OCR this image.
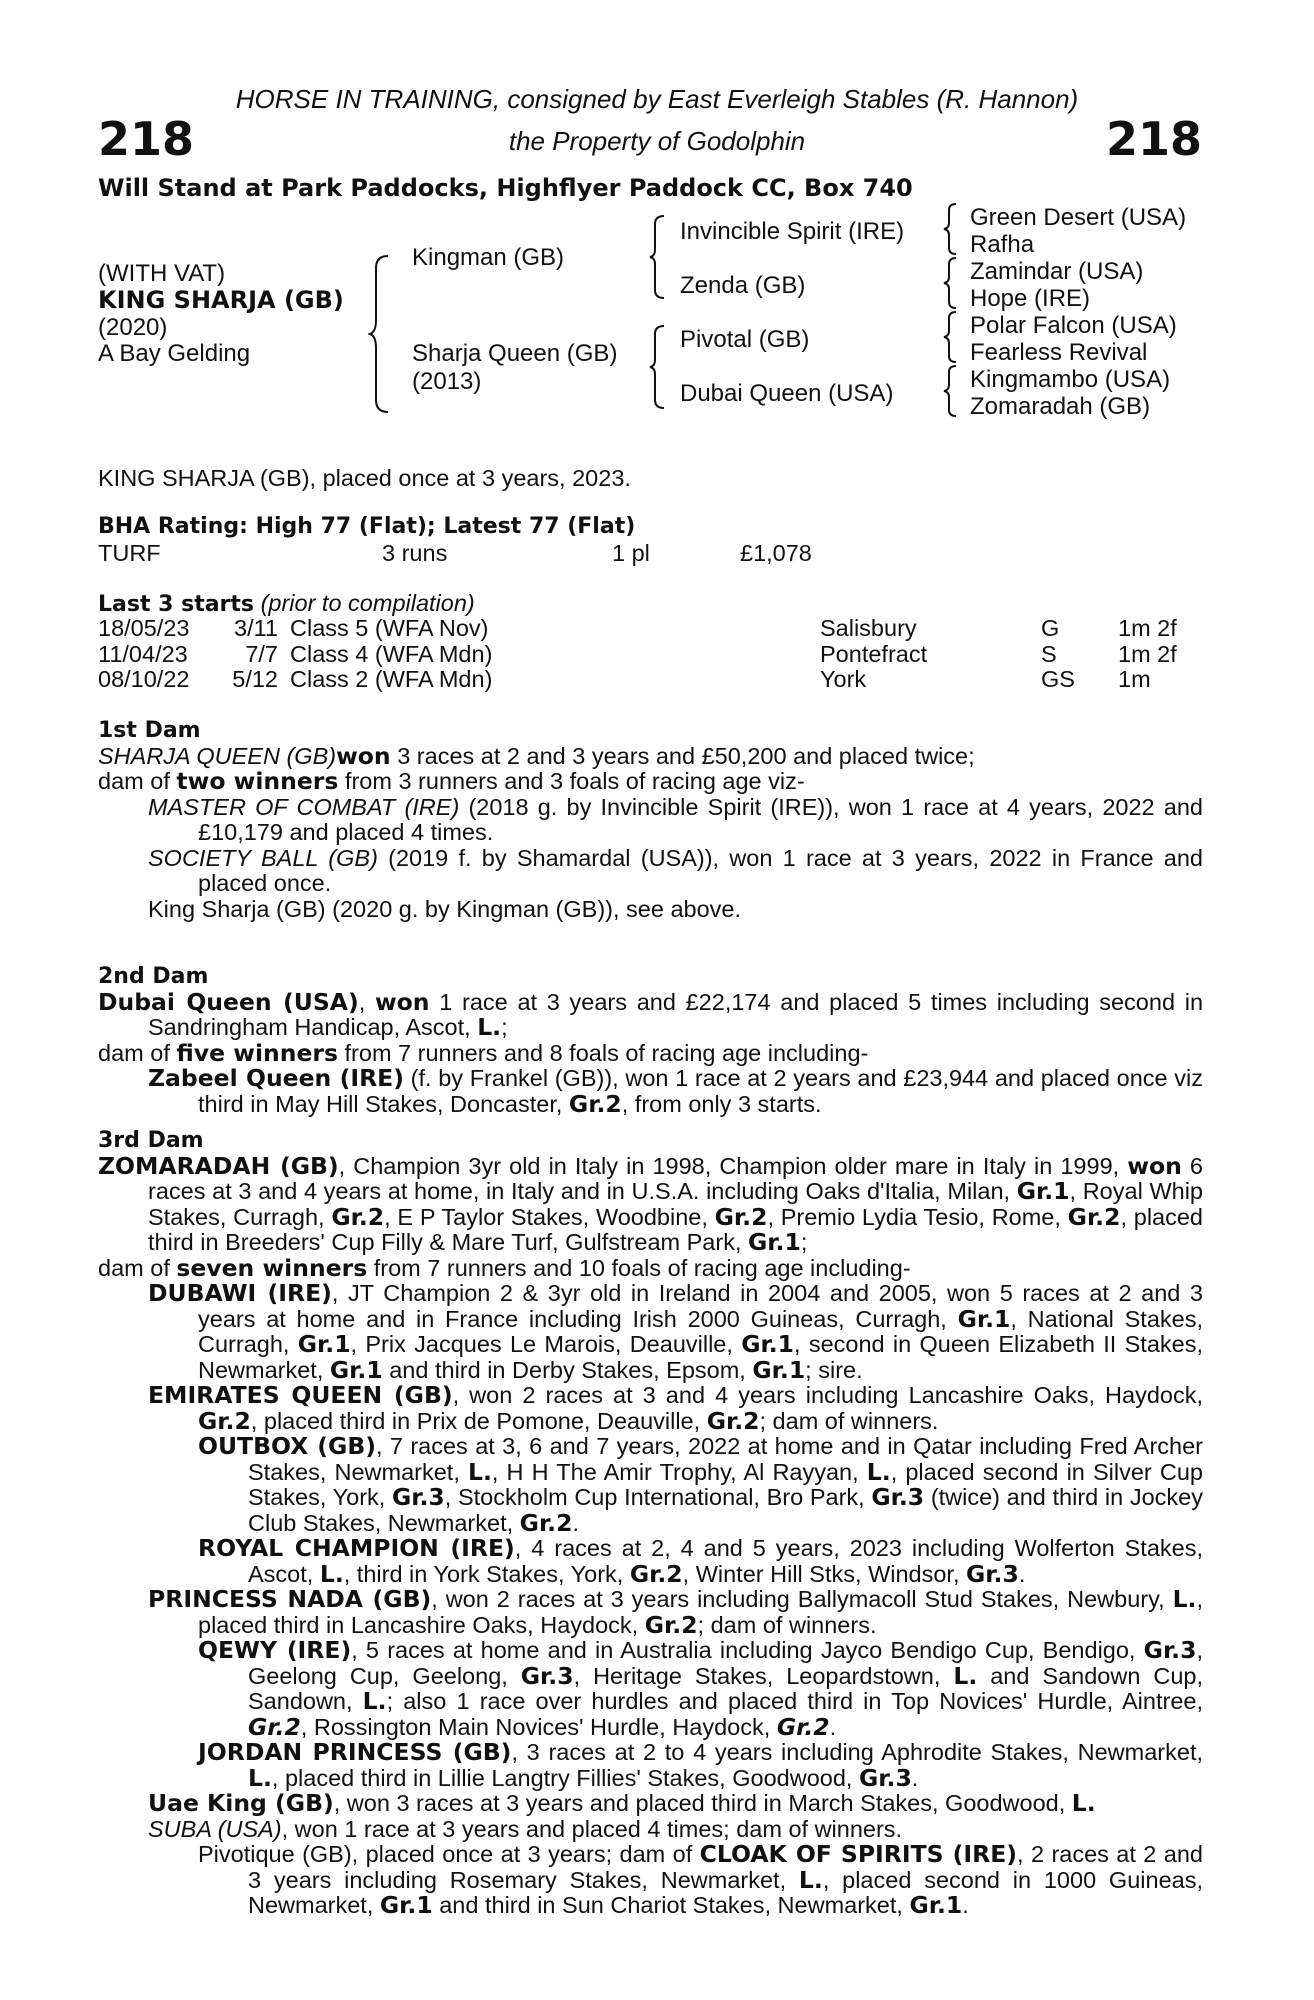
218	218
HORSE IN TRAINING, consigned by East Everleigh Stables (R. Hannon)
the Property of Godolphin
Will Stand at Park Paddocks, Highflyer Paddock CC, Box 740
(WITH VAT)
KING SHARJA (GB)
(2020)
A Bay Gelding
Kingman (GB)
Sharja Queen (GB)
(2013)
Invincible Spirit (IRE)
Zenda (GB)
Pivotal (GB)
Dubai Queen (USA)
Green Desert (USA)
Rafha
Zamindar (USA)
Hope (IRE)
Polar Falcon (USA)
Fearless Revival
Kingmambo (USA)
Zomaradah (GB)
KING SHARJA (GB), placed once at 3 years, 2023.
BHA Rating: High 77 (Flat); Latest 77 (Flat)
TURF	3 runs	1 pl	£1,078
Last 3 starts (prior to compilation)
18/05/23	3/11 Class 5 (WFA Nov)	Salisbury	G 1m 2f
11/04/23	7/7 Class 4 (WFA Mdn)	Pontefract	S	1m 2f
08/10/22	5/12 Class 2 (WFA Mdn)	York	GS 1m

1st Dam

SHARJA QUEEN (GB)won 3 races at 2 and 3 years and £50,200 and placed twice;

dam of two winners from 3 runners and 3 foals of racing age viz-

MASTER OF COMBAT (IRE) (2018 g. by Invincible Spirit (IRE)), won 1 race at 4 years, 2022 and £10,179 and placed 4 times.

SOCIETY BALL (GB) (2019 f. by Shamardal (USA)), won 1 race at 3 years, 2022 in France and placed once.

King Sharja (GB) (2020 g. by Kingman (GB)), see above.

2nd Dam

Dubai Queen (USA), won 1 race at 3 years and £22,174 and placed 5 times including second in Sandringham Handicap, Ascot, L.;

dam of five winners from 7 runners and 8 foals of racing age including-

Zabeel Queen (IRE) (f. by Frankel (GB)), won 1 race at 2 years and £23,944 and placed once viz third in May Hill Stakes, Doncaster, Gr.2, from only 3 starts.

3rd Dam

ZOMARADAH (GB), Champion 3yr old in Italy in 1998, Champion older mare in Italy in 1999, won 6 races at 3 and 4 years at home, in Italy and in U.S.A. including Oaks d'Italia, Milan, Gr.1, Royal Whip Stakes, Curragh, Gr.2, E P Taylor Stakes, Woodbine, Gr.2, Premio Lydia Tesio, Rome, Gr.2, placed third in Breeders' Cup Filly & Mare Turf, Gulfstream Park, Gr.1;

dam of seven winners from 7 runners and 10 foals of racing age including-

DUBAWI (IRE), JT Champion 2 & 3yr old in Ireland in 2004 and 2005, won 5 races at 2 and 3 years at home and in France including Irish 2000 Guineas, Curragh, Gr.1, National Stakes, Curragh, Gr.1, Prix Jacques Le Marois, Deauville, Gr.1, second in Queen Elizabeth II Stakes, Newmarket, Gr.1 and third in Derby Stakes, Epsom, Gr.1; sire.

EMIRATES QUEEN (GB), won 2 races at 3 and 4 years including Lancashire Oaks, Haydock, Gr.2, placed third in Prix de Pomone, Deauville, Gr.2; dam of winners.

OUTBOX (GB), 7 races at 3, 6 and 7 years, 2022 at home and in Qatar including Fred Archer Stakes, Newmarket, L., H H The Amir Trophy, Al Rayyan, L., placed second in Silver Cup Stakes, York, Gr.3, Stockholm Cup International, Bro Park, Gr.3 (twice) and third in Jockey Club Stakes, Newmarket, Gr.2.

ROYAL CHAMPION (IRE), 4 races at 2, 4 and 5 years, 2023 including Wolferton Stakes, Ascot, L., third in York Stakes, York, Gr.2, Winter Hill Stks, Windsor, Gr.3.

PRINCESS NADA (GB), won 2 races at 3 years including Ballymacoll Stud Stakes, Newbury, L., placed third in Lancashire Oaks, Haydock, Gr.2; dam of winners.

QEWY (IRE), 5 races at home and in Australia including Jayco Bendigo Cup, Bendigo, Gr.3, Geelong Cup, Geelong, Gr.3, Heritage Stakes, Leopardstown, L. and Sandown Cup, Sandown, L.; also 1 race over hurdles and placed third in Top Novices' Hurdle, Aintree, Gr.2, Rossington Main Novices' Hurdle, Haydock, Gr.2.

JORDAN PRINCESS (GB), 3 races at 2 to 4 years including Aphrodite Stakes, Newmarket, L., placed third in Lillie Langtry Fillies' Stakes, Goodwood, Gr.3.

Uae King (GB), won 3 races at 3 years and placed third in March Stakes, Goodwood, L.

SUBA (USA), won 1 race at 3 years and placed 4 times; dam of winners.

Pivotique (GB), placed once at 3 years; dam of CLOAK OF SPIRITS (IRE), 2 races at 2 and 3 years including Rosemary Stakes, Newmarket, L., placed second in 1000 Guineas, Newmarket, Gr.1 and third in Sun Chariot Stakes, Newmarket, Gr.1.
